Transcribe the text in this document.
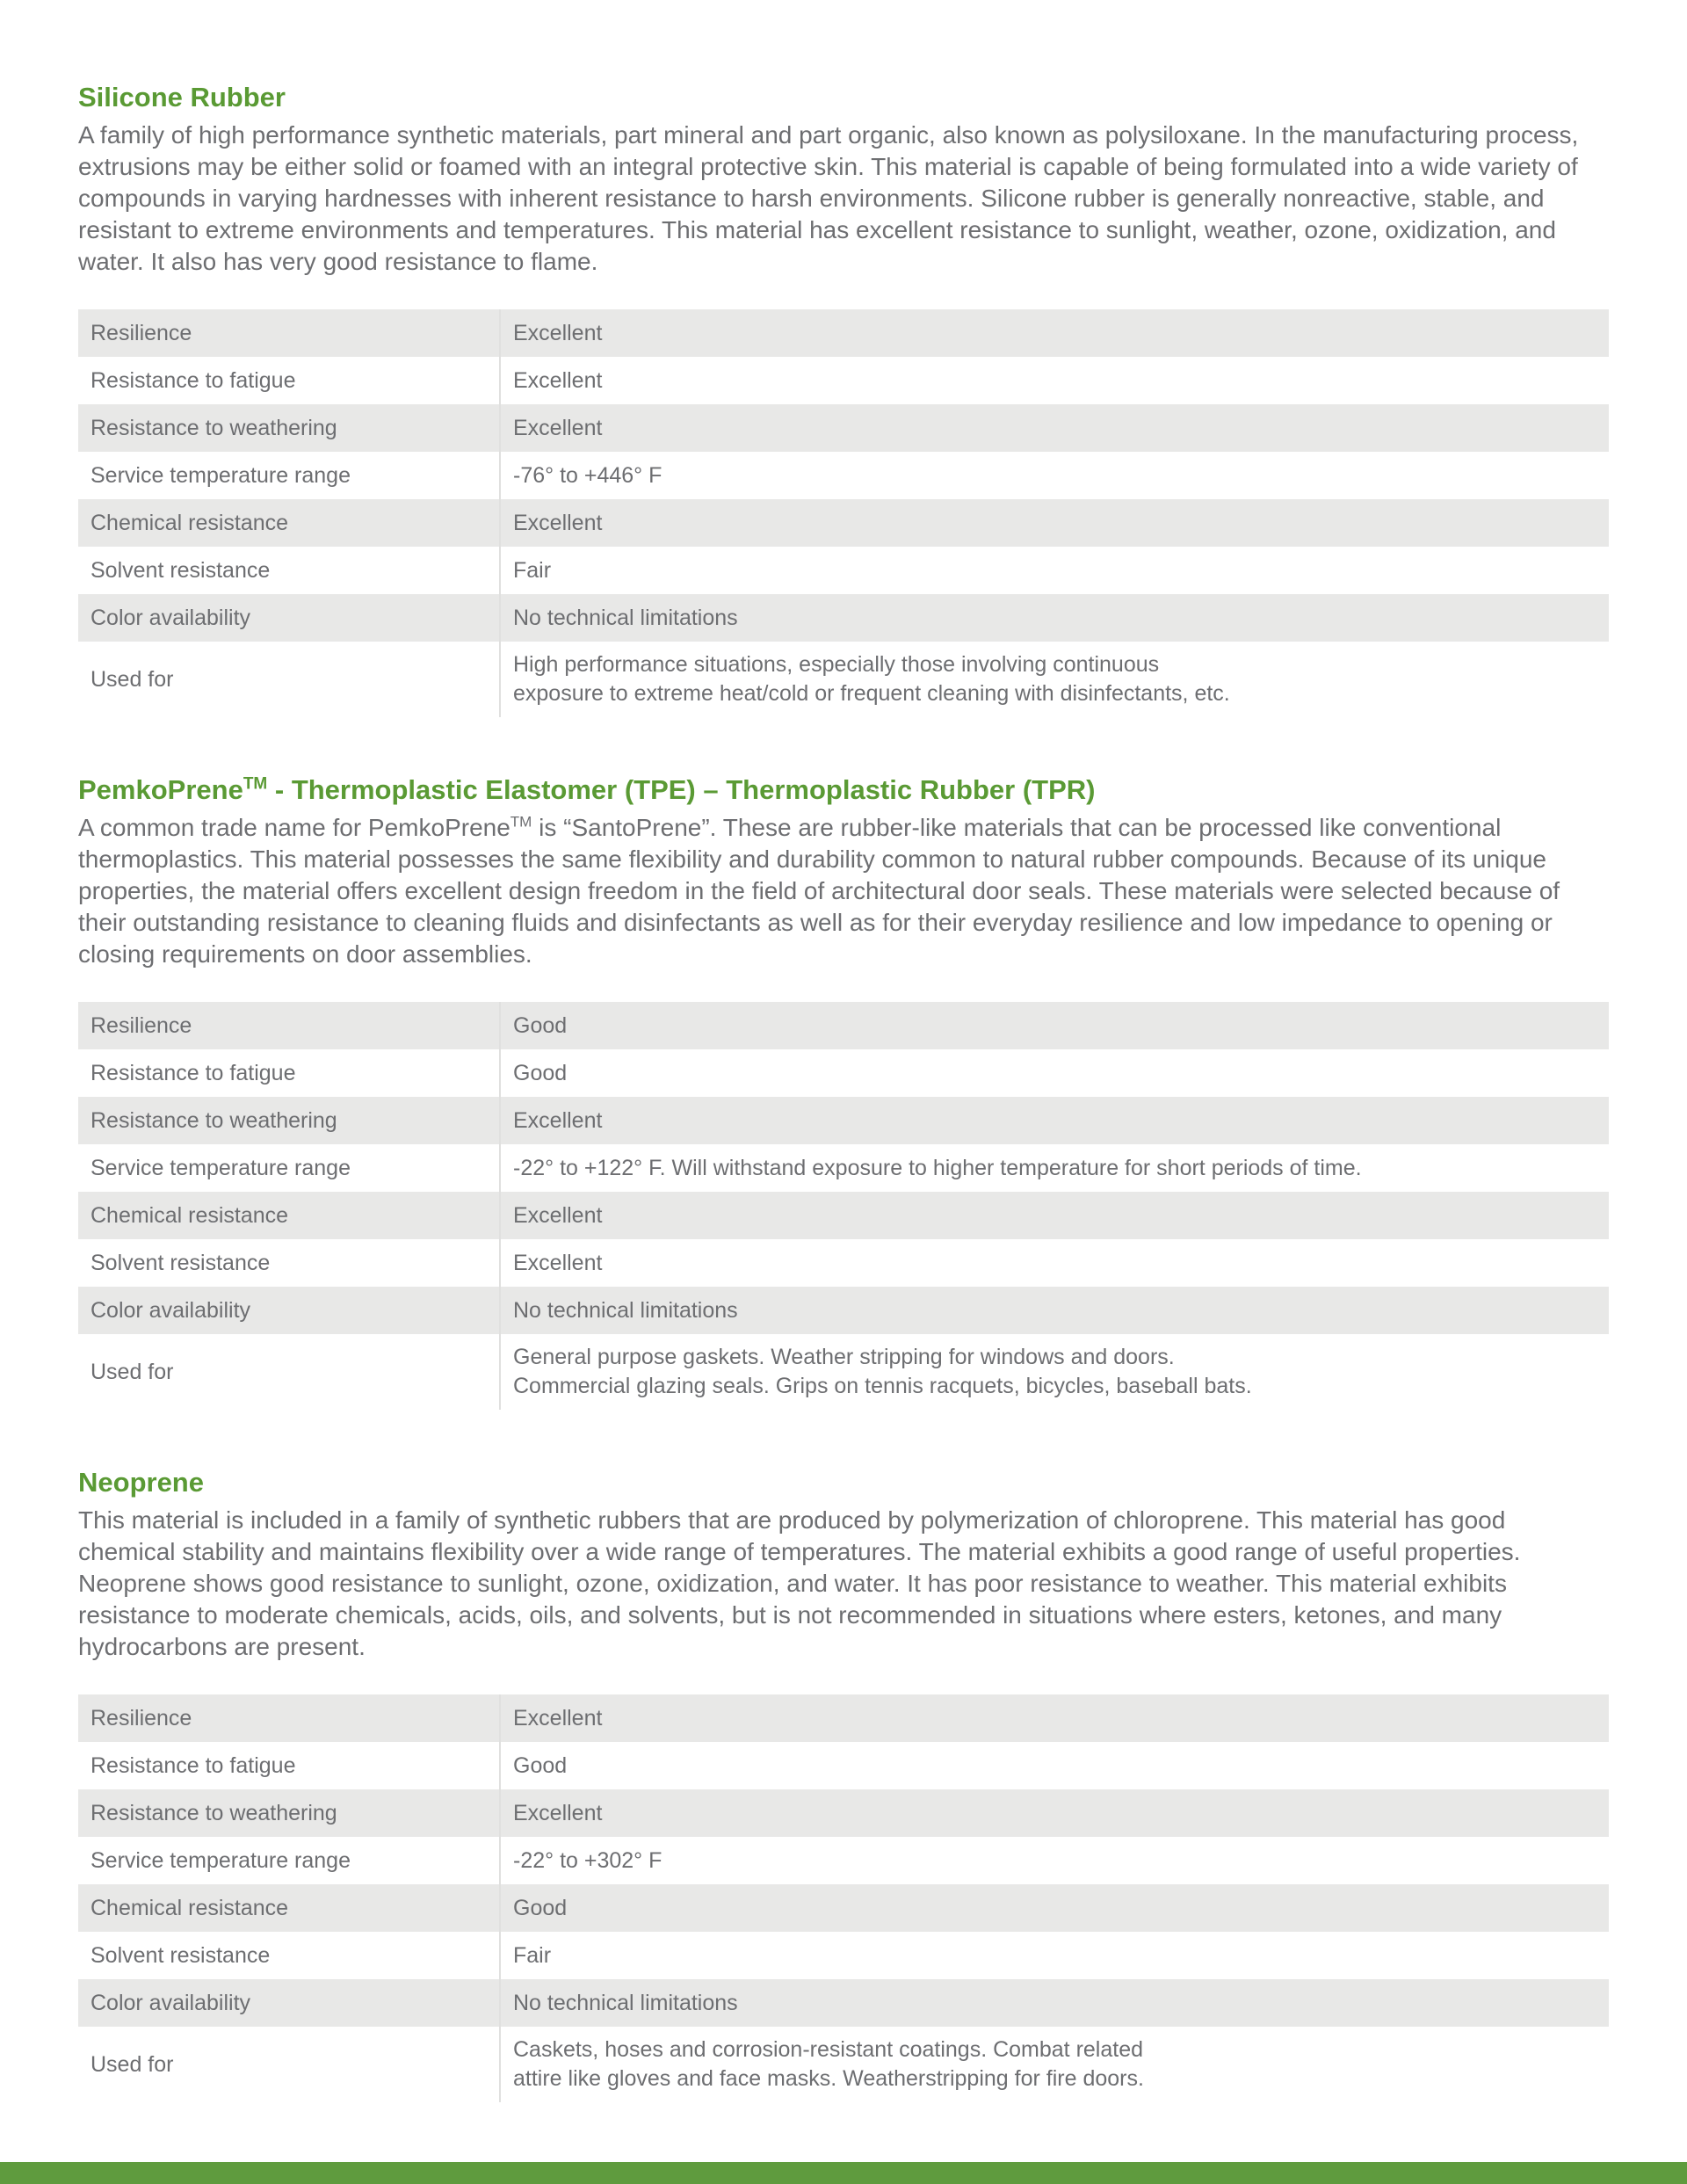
Silicone Rubber

A family of high performance synthetic materials, part mineral and part organic, also known as polysiloxane. In the manufacturing process, extrusions may be either solid or foamed with an integral protective skin. This material is capable of being formulated into a wide variety of compounds in varying hardnesses with inherent resistance to harsh environments. Silicone rubber is generally nonreactive, stable, and resistant to extreme environments and temperatures. This material has excellent resistance to sunlight, weather, ozone, oxidization, and water. It also has very good resistance to flame.

Resilience	Excellent
Resistance to fatigue	Excellent
Resistance to weathering	Excellent
Service temperature range	-76° to +446° F
Chemical resistance	Excellent
Solvent resistance	Fair
Color availability	No technical limitations
Used for	High performance situations, especially those involving continuous
exposure to extreme heat/cold or frequent cleaning with disinfectants, etc.
PemkoPrene™ - Thermoplastic Elastomer (TPE) – Thermoplastic Rubber (TPR)

A common trade name for PemkoPrene™ is “SantoPrene”. These are rubber-like materials that can be processed like conventional thermoplastics. This material possesses the same flexibility and durability common to natural rubber compounds. Because of its unique properties, the material offers excellent design freedom in the field of architectural door seals. These materials were selected because of their outstanding resistance to cleaning fluids and disinfectants as well as for their everyday resilience and low impedance to opening or closing requirements on door assemblies.

Resilience	Good
Resistance to fatigue	Good
Resistance to weathering	Excellent
Service temperature range	-22° to +122° F. Will withstand exposure to higher temperature for short periods of time.
Chemical resistance	Excellent
Solvent resistance	Excellent
Color availability	No technical limitations
Used for	General purpose gaskets. Weather stripping for windows and doors.
Commercial glazing seals. Grips on tennis racquets, bicycles, baseball bats.
Neoprene

This material is included in a family of synthetic rubbers that are produced by polymerization of chloroprene. This material has good chemical stability and maintains flexibility over a wide range of temperatures. The material exhibits a good range of useful properties. Neoprene shows good resistance to sunlight, ozone, oxidization, and water. It has poor resistance to weather. This material exhibits resistance to moderate chemicals, acids, oils, and solvents, but is not recommended in situations where esters, ketones, and many hydrocarbons are present.

Resilience	Excellent
Resistance to fatigue	Good
Resistance to weathering	Excellent
Service temperature range	-22° to +302° F
Chemical resistance	Good
Solvent resistance	Fair
Color availability	No technical limitations
Used for	Caskets, hoses and corrosion-resistant coatings. Combat related
attire like gloves and face masks. Weatherstripping for fire doors.
